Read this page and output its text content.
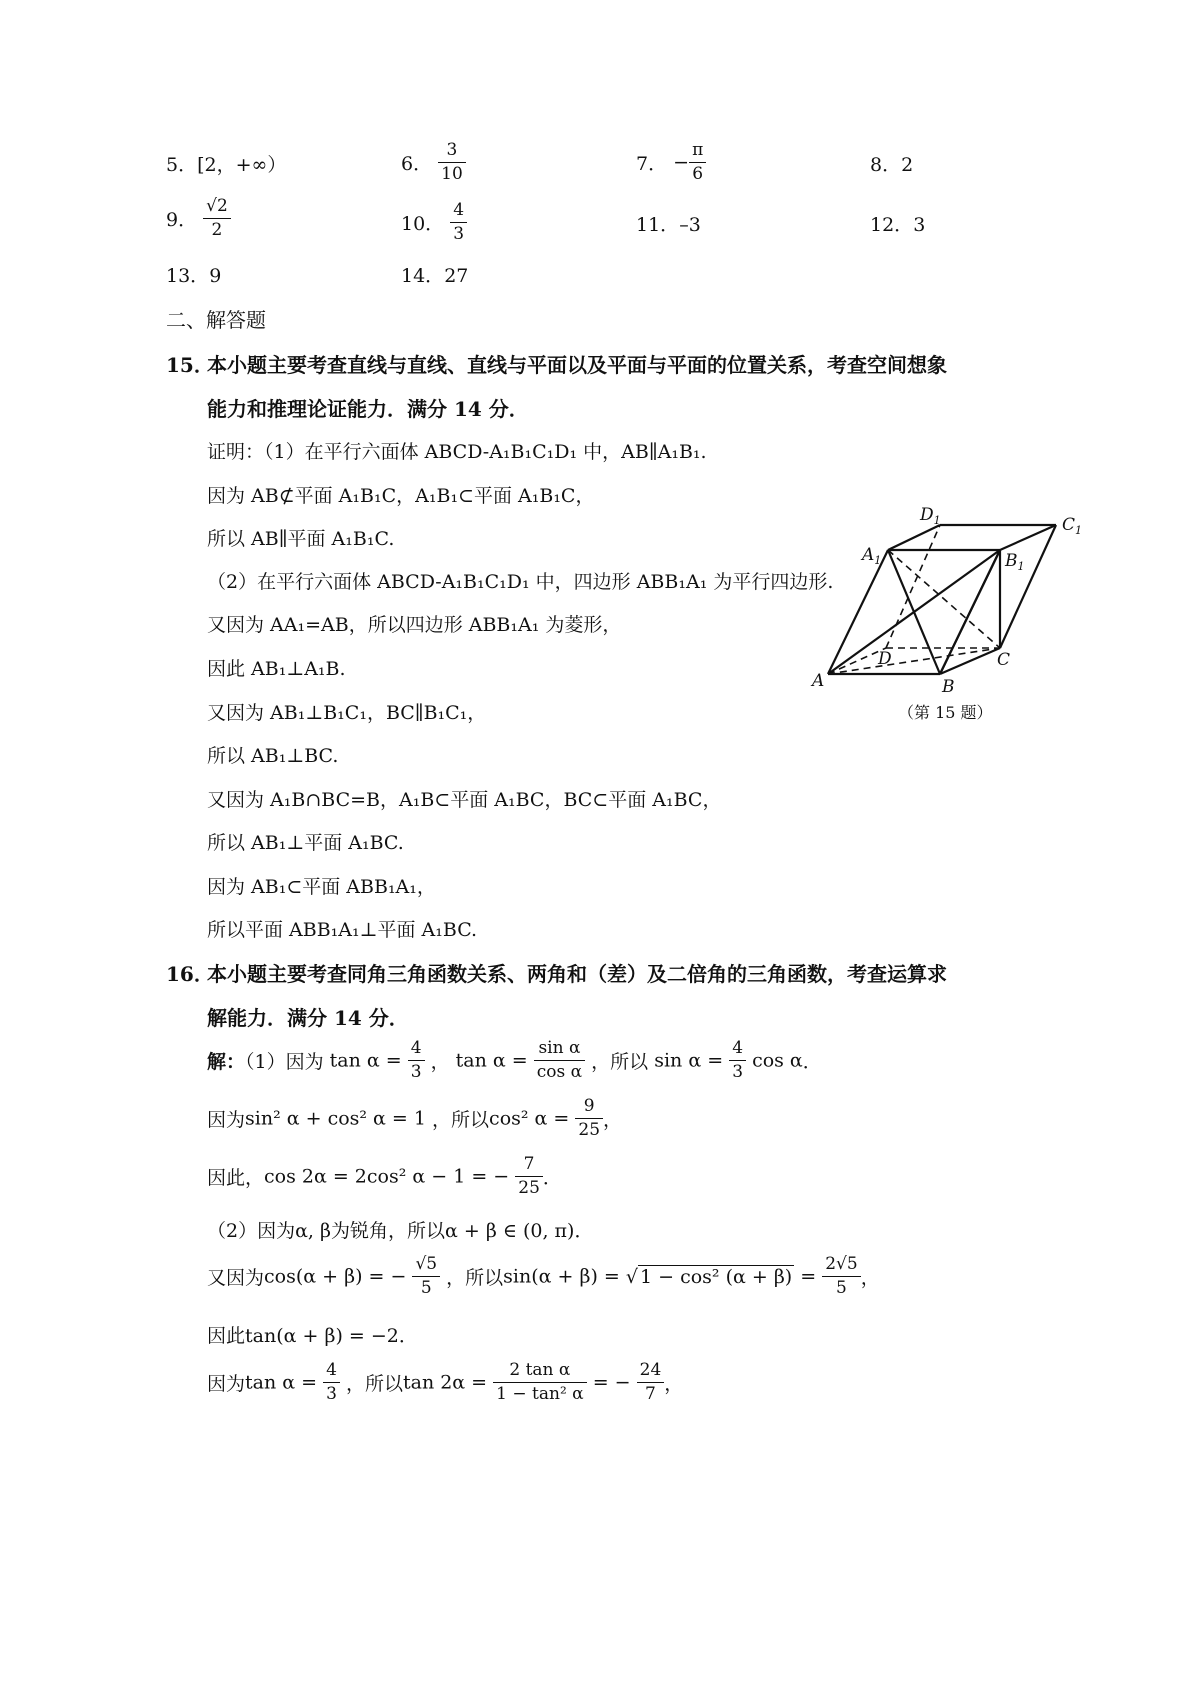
5．[2，+∞）	6． $\frac{3}{10}$	7． − $\frac{\pi}{6}$	8．2
9． $\frac{√2}{2}$	10． $\frac{4}{3}$	11．–3	12．3
13．9	14．27
二、解答题
15．
本小题主要考查直线与直线、直线与平面以及平面与平面的位置关系，考查空间想象
能力和推理论证能力．满分 14 分．
证明：（1）在平行六面体 ABCD-A₁B₁C₁D₁ 中，AB∥A₁B₁.
因为 AB⊄平面 A₁B₁C，A₁B₁⊂平面 A₁B₁C，
所以 AB∥平面 A₁B₁C.
（2）在平行六面体 ABCD-A₁B₁C₁D₁ 中，四边形 ABB₁A₁ 为平行四边形.
又因为 AA₁=AB，所以四边形 ABB₁A₁ 为菱形，
因此 AB₁⊥A₁B.
又因为 AB₁⊥B₁C₁，BC∥B₁C₁，
所以 AB₁⊥BC.
又因为 A₁B∩BC=B，A₁B⊂平面 A₁BC，BC⊂平面 A₁BC，
所以 AB₁⊥平面 A₁BC.
因为 AB₁⊂平面 ABB₁A₁，
所以平面 ABB₁A₁⊥平面 A₁BC.
$D_1$	$C_1$
$A_1$	$B_1$
D	C
A	B
（第 15 题）
16．
本小题主要考查同角三角函数关系、两角和（差）及二倍角的三角函数，考查运算求
解能力．满分 14 分．
解：（1）因为 $\tan \alpha = \frac{4}{3}$ ， $\tan \alpha = \frac{\text{sin α}}{\text{cos α}}$ ，所以 $\sin \alpha = \frac{4}{3}$ cos α．
因为sin² α + cos² α = 1 ，所以cos² $\alpha = \frac{9}{25}$ ，
因此，cos 2α = 2cos² α − 1 = − $\frac{7}{25}$ ．
（2）因为α, β为锐角，所以α + β ∈ (0, π)．
又因为cos(α + β) = − $\frac{√5}{5}$ ，所以sin(α + β) = √ 1 − cos² $(\alpha + \beta) = \frac{2√5}{5}$ ，
因此tan(α + β) = −2．
因为$\tan \alpha = \frac{4}{3}$ ，所以$\tan 2\alpha = \frac{\text{2 tan α}}{\text{1 − tan² α}}$ = − $\frac{24}{7}$ ，
